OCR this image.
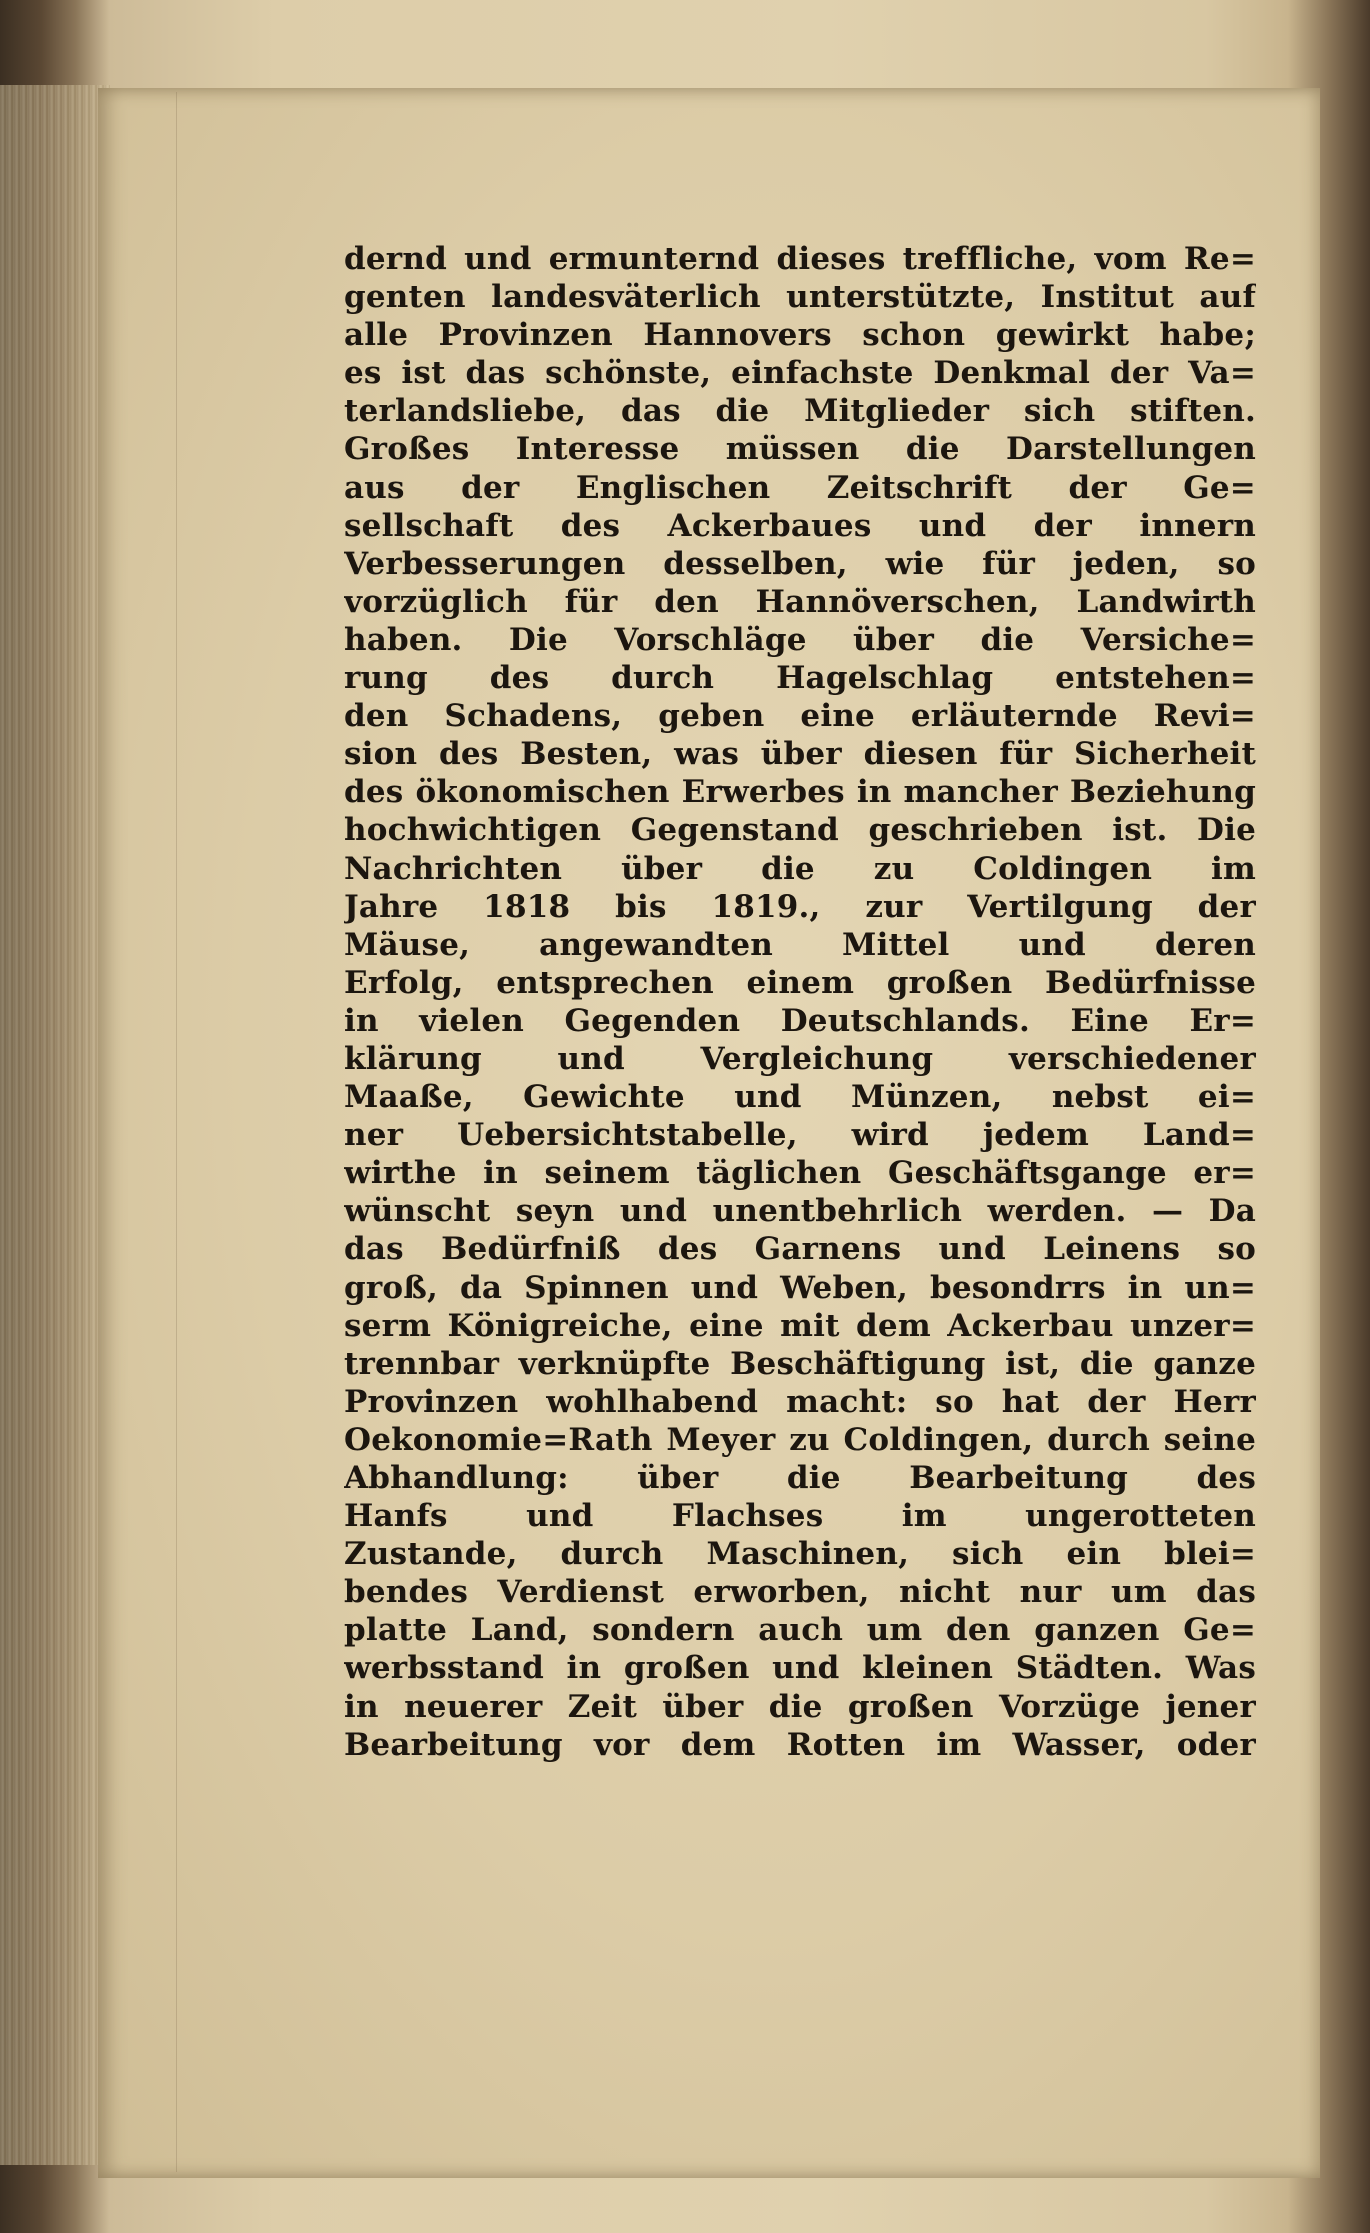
dernd und ermunternd dieses treffliche, vom Re=
genten landesväterlich unterstützte, Institut auf
alle Provinzen Hannovers schon gewirkt habe;
es ist das schönste, einfachste Denkmal der Va=
terlandsliebe, das die Mitglieder sich stiften.
Großes Interesse müssen die Darstellungen
aus der Englischen Zeitschrift der Ge=
sellschaft des Ackerbaues und der innern
Verbesserungen desselben, wie für jeden, so
vorzüglich für den Hannöverschen, Landwirth
haben. Die Vorschläge über die Versiche=
rung des durch Hagelschlag entstehen=
den Schadens, geben eine erläuternde Revi=
sion des Besten, was über diesen für Sicherheit
des ökonomischen Erwerbes in mancher Beziehung
hochwichtigen Gegenstand geschrieben ist. Die
Nachrichten über die zu Coldingen im
Jahre 1818 bis 1819., zur Vertilgung der
Mäuse, angewandten Mittel und deren
Erfolg, entsprechen einem großen Bedürfnisse
in vielen Gegenden Deutschlands. Eine Er=
klärung und Vergleichung verschiedener
Maaße, Gewichte und Münzen, nebst ei=
ner Uebersichtstabelle, wird jedem Land=
wirthe in seinem täglichen Geschäftsgange er=
wünscht seyn und unentbehrlich werden. — Da
das Bedürfniß des Garnens und Leinens so
groß, da Spinnen und Weben, besondrrs in un=
serm Königreiche, eine mit dem Ackerbau unzer=
trennbar verknüpfte Beschäftigung ist, die ganze
Provinzen wohlhabend macht: so hat der Herr
Oekonomie=Rath Meyer zu Coldingen, durch seine
Abhandlung: über die Bearbeitung des
Hanfs und Flachses im ungerotteten
Zustande, durch Maschinen, sich ein blei=
bendes Verdienst erworben, nicht nur um das
platte Land, sondern auch um den ganzen Ge=
werbsstand in großen und kleinen Städten. Was
in neuerer Zeit über die großen Vorzüge jener
Bearbeitung vor dem Rotten im Wasser, oder
